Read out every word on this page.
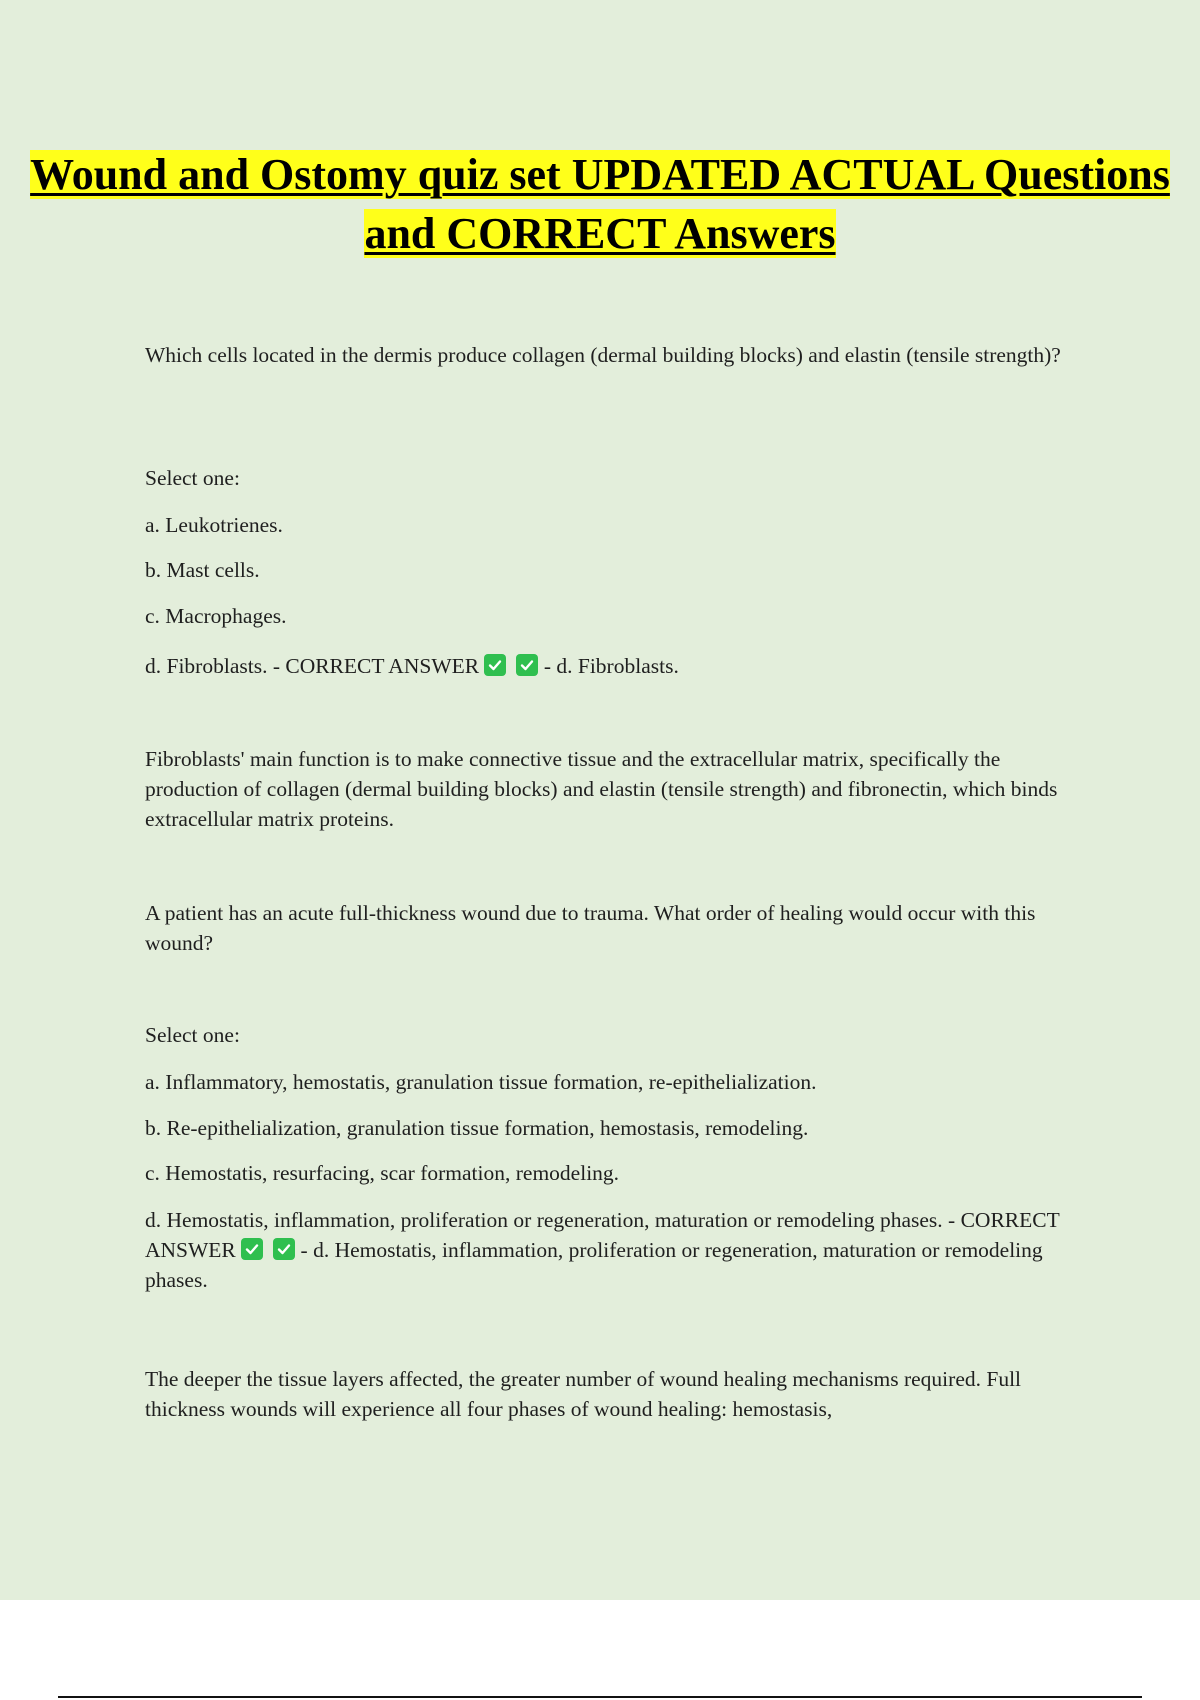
Wound and Ostomy quiz set UPDATED ACTUAL Questions and CORRECT Answers

Which cells located in the dermis produce collagen (dermal building blocks) and elastin (tensile strength)?

Select one:

a. Leukotrienes.

b. Mast cells.

c. Macrophages.

d. Fibroblasts. - CORRECT ANSWER
	- d. Fibroblasts.

Fibroblasts' main function is to make connective tissue and the extracellular matrix, specifically the production of collagen (dermal building blocks) and elastin (tensile strength) and fibronectin, which binds extracellular matrix proteins.

A patient has an acute full-thickness wound due to trauma. What order of healing would occur with this wound?

Select one:

a. Inflammatory, hemostatis, granulation tissue formation, re-epithelialization.

b. Re-epithelialization, granulation tissue formation, hemostasis, remodeling.

c. Hemostatis, resurfacing, scar formation, remodeling.

d. Hemostatis, inflammation, proliferation or regeneration, maturation or remodeling phases. - CORRECT ANSWER
	- d. Hemostatis, inflammation, proliferation or regeneration, maturation or remodeling phases.

The deeper the tissue layers affected, the greater number of wound healing mechanisms required. Full thickness wounds will experience all four phases of wound healing: hemostasis,
